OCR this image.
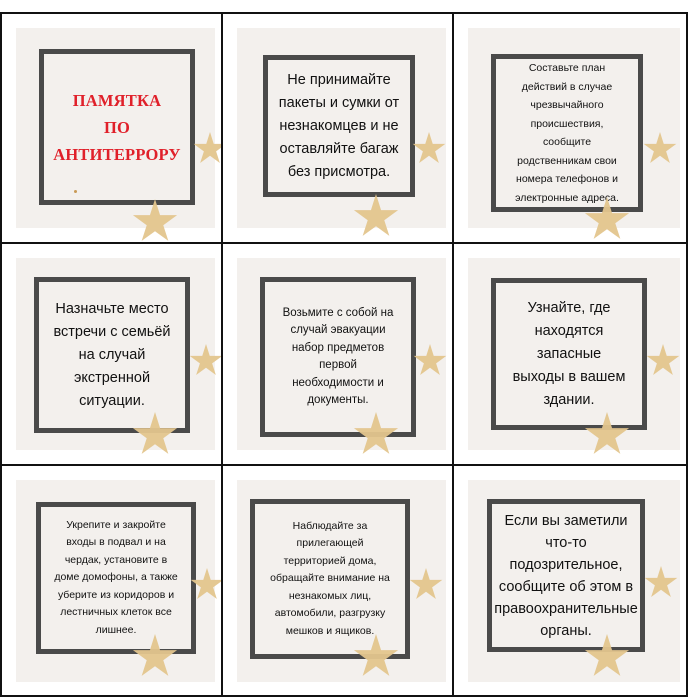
ПАМЯТКА
ПО
АНТИТЕРРОРУ
Не принимайте
пакеты и сумки от
незнакомцев и не
оставляйте багаж
без присмотра.
Составьте план
действий в случае
чрезвычайного
происшествия,
сообщите
родственникам свои
номера телефонов и
электронные адреса.
Назначьте место
встречи с семьёй
на случай
экстренной
ситуации.
Возьмите с собой на
случай эвакуации
набор предметов
первой
необходимости и
документы.
Узнайте, где
находятся
запасные
выходы в вашем
здании.
Укрепите и закройте
входы в подвал и на
чердак, установите в
доме домофоны, а также
уберите из коридоров и
лестничных клеток все
лишнее.
Наблюдайте за
прилегающей
территорией дома,
обращайте внимание на
незнакомых лиц,
автомобили, разгрузку
мешков и ящиков.
Если вы заметили
что-то
подозрительное,
сообщите об этом в
правоохранительные
органы.
